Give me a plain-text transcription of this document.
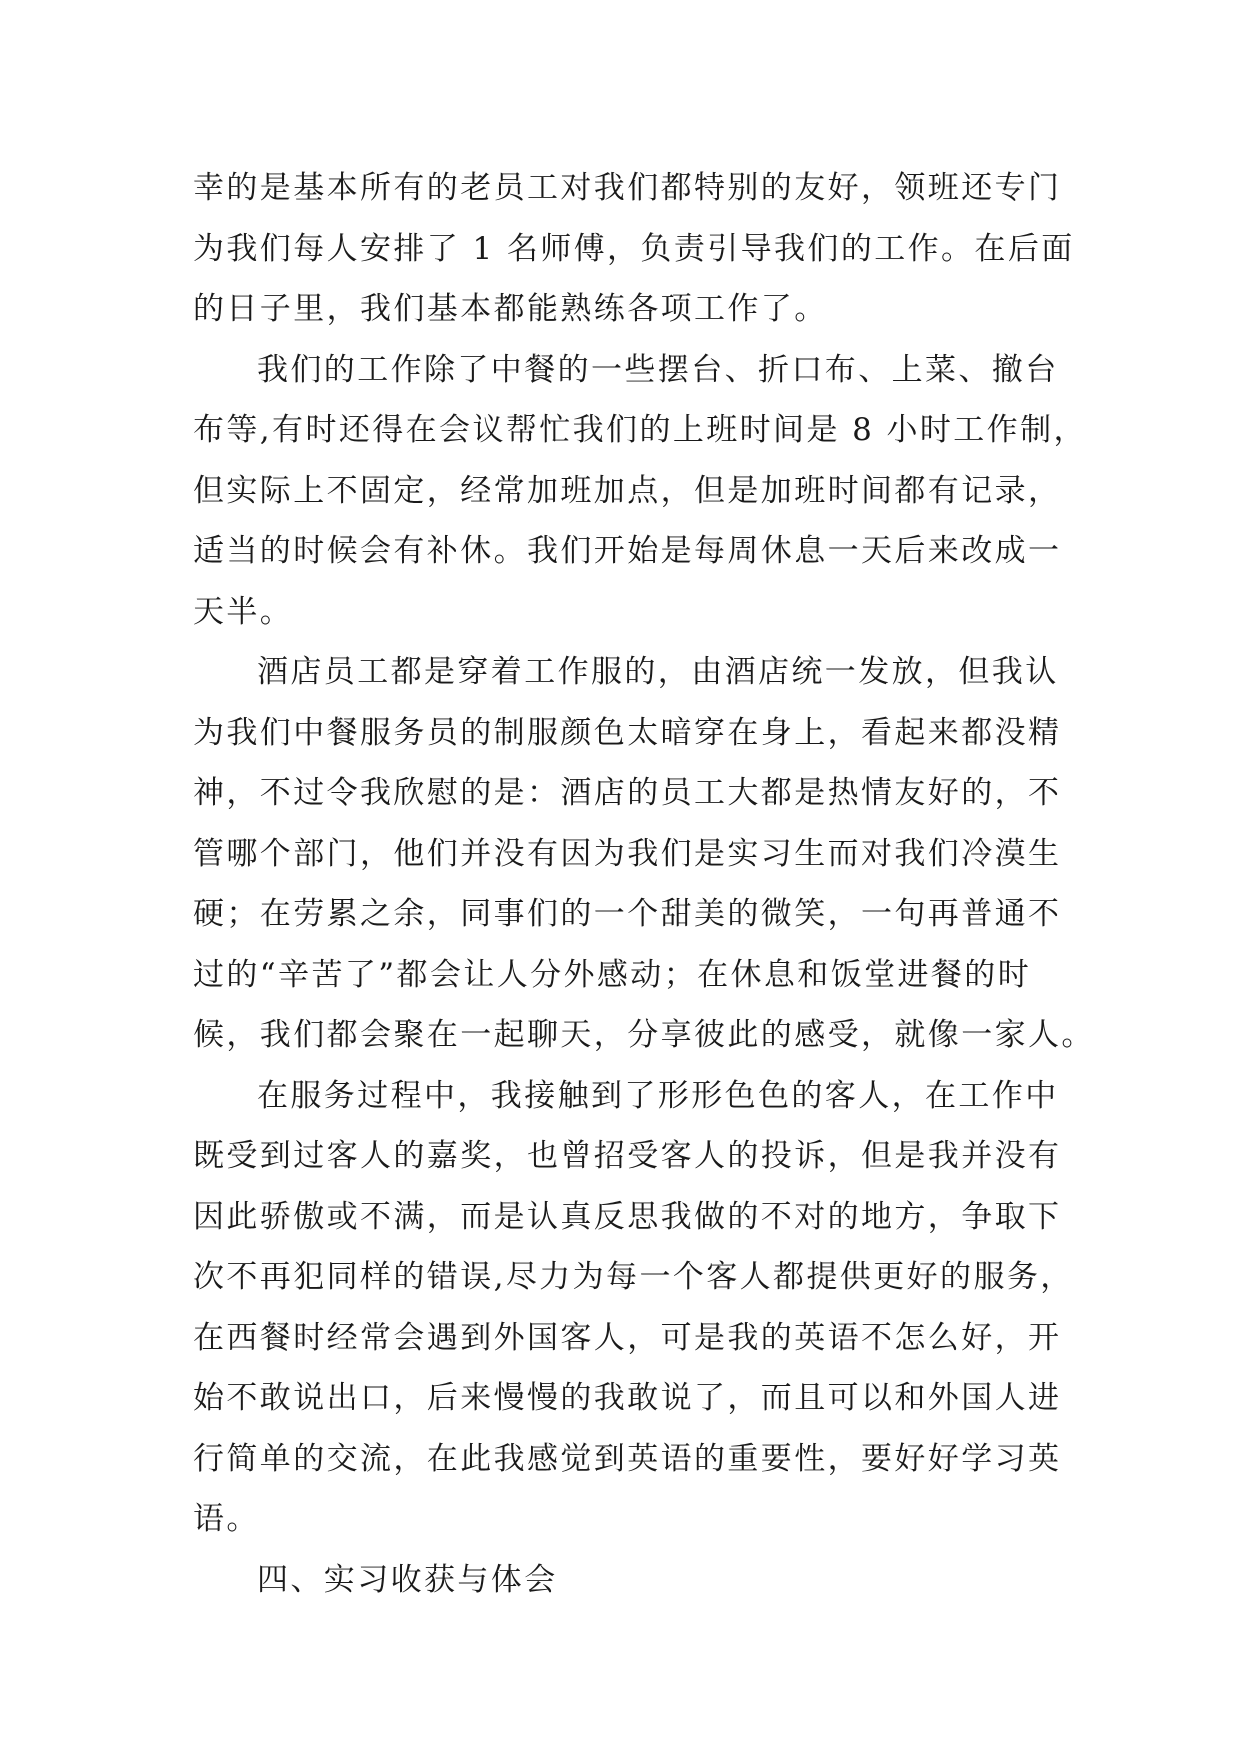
幸的是基本所有的老员工对我们都特别的友好，领班还专门
为我们每人安排了 1 名师傅，负责引导我们的工作。在后面
的日子里，我们基本都能熟练各项工作了。
我们的工作除了中餐的一些摆台、折口布、上菜、撤台
布等,有时还得在会议帮忙我们的上班时间是 8 小时工作制，
但实际上不固定，经常加班加点，但是加班时间都有记录，
适当的时候会有补休。我们开始是每周休息一天后来改成一
天半。
酒店员工都是穿着工作服的，由酒店统一发放，但我认
为我们中餐服务员的制服颜色太暗穿在身上，看起来都没精
神，不过令我欣慰的是：酒店的员工大都是热情友好的，不
管哪个部门，他们并没有因为我们是实习生而对我们冷漠生
硬；在劳累之余，同事们的一个甜美的微笑，一句再普通不
过的“辛苦了”都会让人分外感动；在休息和饭堂进餐的时
候，我们都会聚在一起聊天，分享彼此的感受，就像一家人。
在服务过程中，我接触到了形形色色的客人，在工作中
既受到过客人的嘉奖，也曾招受客人的投诉，但是我并没有
因此骄傲或不满，而是认真反思我做的不对的地方，争取下
次不再犯同样的错误,尽力为每一个客人都提供更好的服务，
在西餐时经常会遇到外国客人，可是我的英语不怎么好，开
始不敢说出口，后来慢慢的我敢说了，而且可以和外国人进
行简单的交流，在此我感觉到英语的重要性，要好好学习英
语。
四、实习收获与体会
